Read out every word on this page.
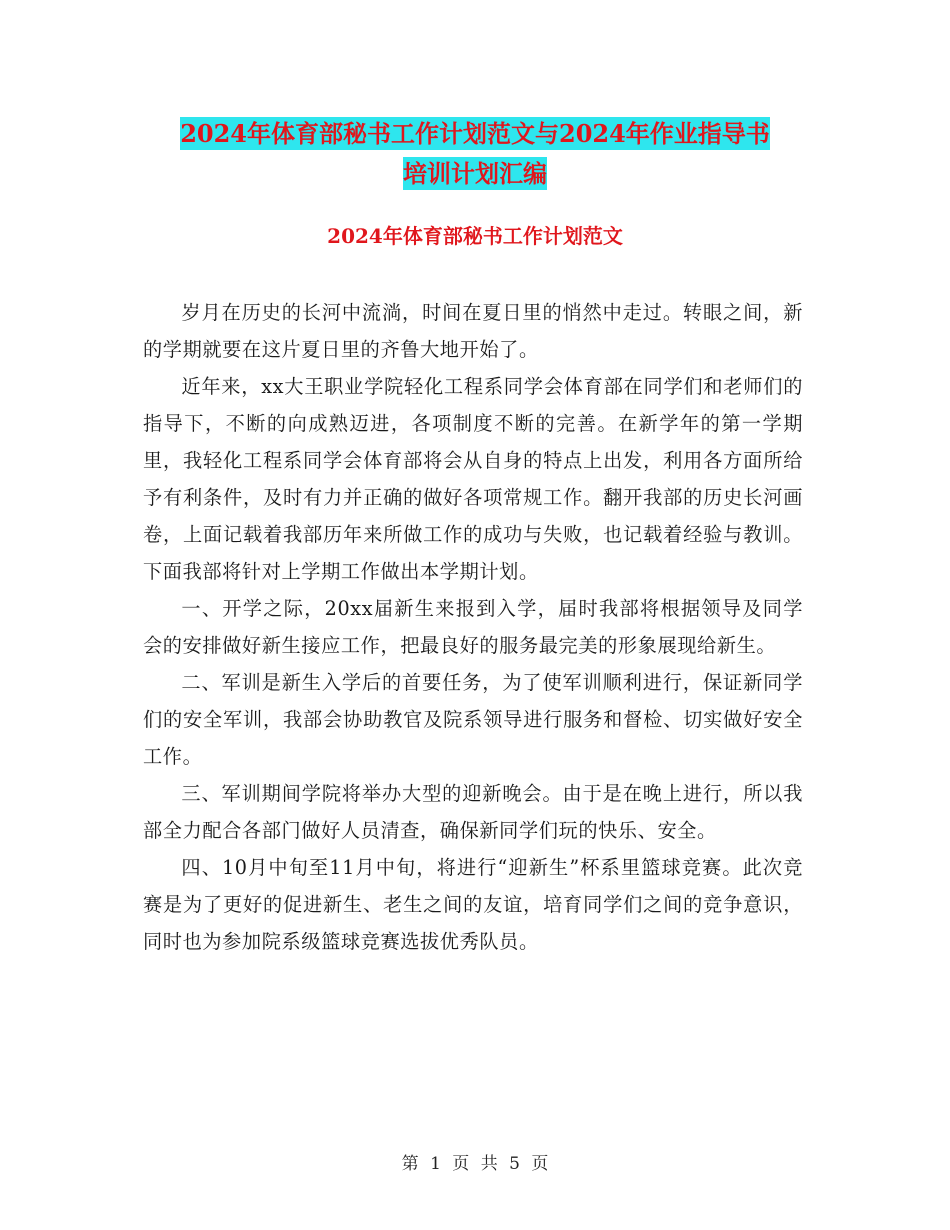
2024年体育部秘书工作计划范文与2024年作业指导书
培训计划汇编
2024年体育部秘书工作计划范文

岁月在历史的长河中流淌，时间在夏日里的悄然中走过。转眼之间，新的学期就要在这片夏日里的齐鲁大地开始了。

近年来，xx大王职业学院轻化工程系同学会体育部在同学们和老师们的指导下，不断的向成熟迈进，各项制度不断的完善。在新学年的第一学期里，我轻化工程系同学会体育部将会从自身的特点上出发，利用各方面所给予有利条件，及时有力并正确的做好各项常规工作。翻开我部的历史长河画卷，上面记载着我部历年来所做工作的成功与失败，也记载着经验与教训。下面我部将针对上学期工作做出本学期计划。

一、开学之际，20xx届新生来报到入学，届时我部将根据领导及同学会的安排做好新生接应工作，把最良好的服务最完美的形象展现给新生。

二、军训是新生入学后的首要任务，为了使军训顺利进行，保证新同学们的安全军训，我部会协助教官及院系领导进行服务和督检、切实做好安全工作。

三、军训期间学院将举办大型的迎新晚会。由于是在晚上进行，所以我部全力配合各部门做好人员清查，确保新同学们玩的快乐、安全。

四、10月中旬至11月中旬，将进行“迎新生”杯系里篮球竞赛。此次竞赛是为了更好的促进新生、老生之间的友谊，培育同学们之间的竞争意识，同时也为参加院系级篮球竞赛选拔优秀队员。

第 1 页 共 5 页
